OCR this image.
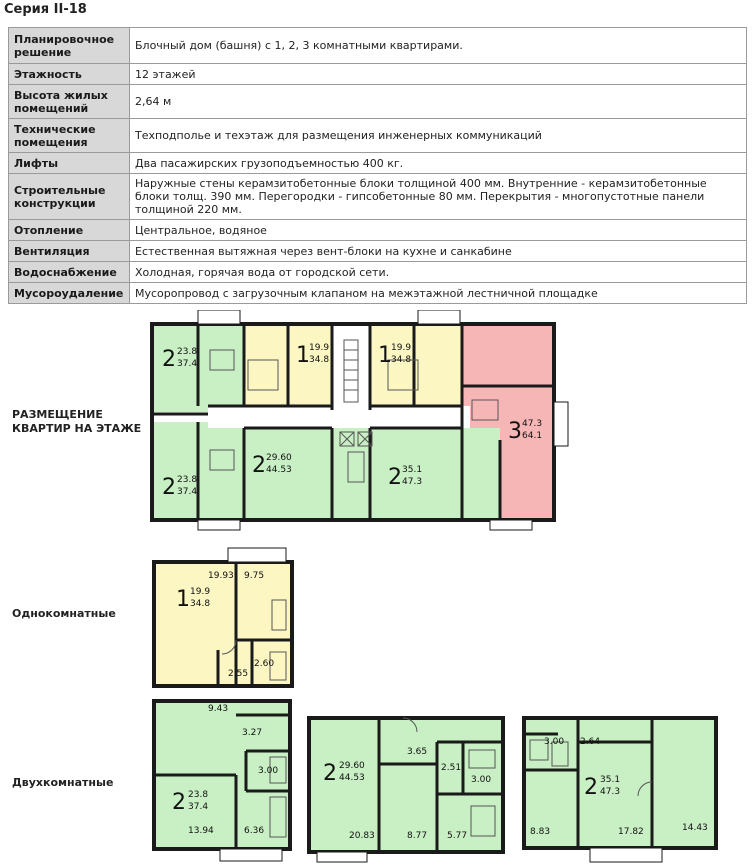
Серия II-18
Планировочное решение	Блочный дом (башня) с 1, 2, 3 комнатными квартирами.
Этажность	12 этажей
Высота жилых помещений	2,64 м
Технические помещения	Техподполье и техэтаж для размещения инженерных коммуникаций
Лифты	Два пасажирских грузоподъемностью 400 кг.
Строительные конструкции	Наружные стены керамзитобетонные блоки толщиной 400 мм. Внутренние - керамзитобетонные блоки толщ. 390 мм. Перегородки - гипсобетонные 80 мм. Перекрытия - многопустотные панели толщиной 220 мм.
Отопление	Центральное, водяное
Вентиляция	Естественная вытяжная через вент-блоки на кухне и санкабине
Водоснабжение	Холодная, горячая вода от городской сети.
Мусороудаление	Мусоропровод с загрузочным клапаном на межэтажной лестничной площадке
РАЗМЕЩЕНИЕ КВАРТИР НА ЭТАЖЕ
Однокомнатные
Двухкомнатные
2 23.8
37.4	1 19.9
34.8 1 19.9
34.8
3 47.3
64.1
2 23.8
37.4
2 29.60
44.53	2 35.1
47.3
1 19.9
34.8
19.93 9.75
2.55
2.60
2 23.8
37.4
9.43
3.27
3.00
13.94	6.36
2 29.60
44.53
3.65
2.51
3.00
20.83	8.77 5.77
2 35.1
47.3
3.00 2.64
8.83	17.82	14.43
